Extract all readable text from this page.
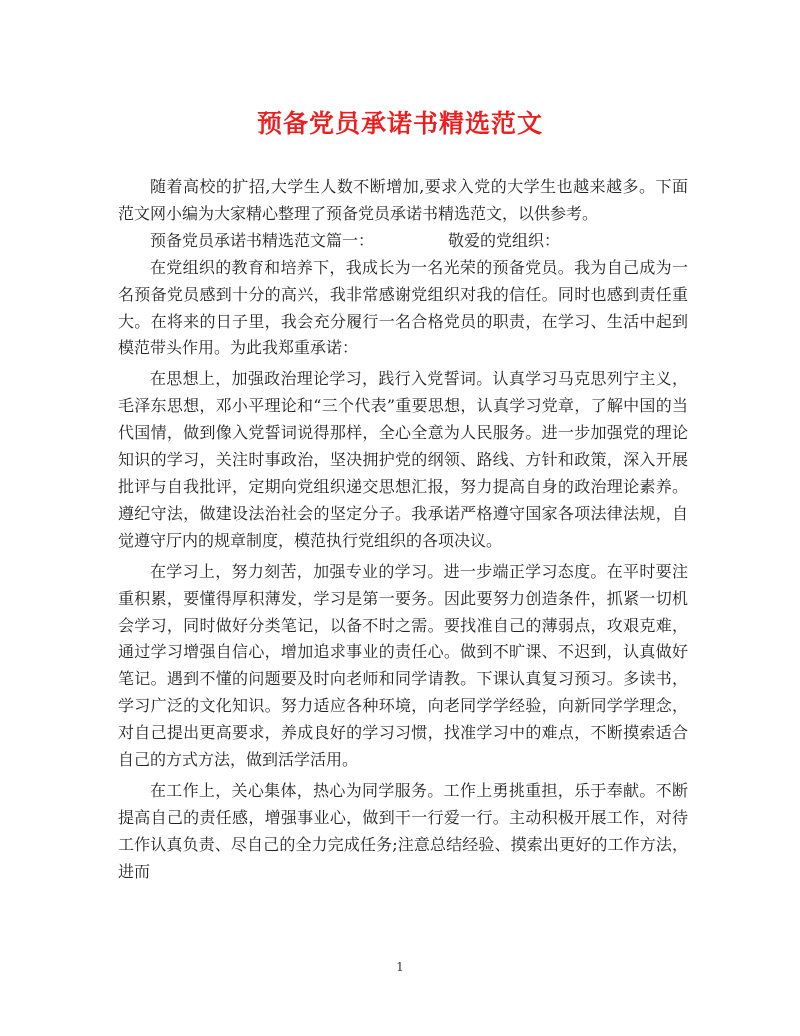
预备党员承诺书精选范文

随着高校的扩招,大学生人数不断增加,要求入党的大学生也越来越多。下面范文网小编为大家精心整理了预备党员承诺书精选范文，以供参考。

预备党员承诺书精选范文篇一：	敬爱的党组织：

在党组织的教育和培养下，我成长为一名光荣的预备党员。我为自己成为一名预备党员感到十分的高兴，我非常感谢党组织对我的信任。同时也感到责任重大。在将来的日子里，我会充分履行一名合格党员的职责，在学习、生活中起到模范带头作用。为此我郑重承诺：

在思想上，加强政治理论学习，践行入党誓词。认真学习马克思列宁主义，毛泽东思想，邓小平理论和“三个代表”重要思想，认真学习党章，了解中国的当代国情，做到像入党誓词说得那样，全心全意为人民服务。进一步加强党的理论知识的学习，关注时事政治，坚决拥护党的纲领、路线、方针和政策，深入开展批评与自我批评，定期向党组织递交思想汇报，努力提高自身的政治理论素养。遵纪守法，做建设法治社会的坚定分子。我承诺严格遵守国家各项法律法规，自觉遵守厅内的规章制度，模范执行党组织的各项决议。

在学习上，努力刻苦，加强专业的学习。进一步端正学习态度。在平时要注重积累，要懂得厚积薄发，学习是第一要务。因此要努力创造条件，抓紧一切机会学习，同时做好分类笔记，以备不时之需。要找准自己的薄弱点，攻艰克难，通过学习增强自信心，增加追求事业的责任心。做到不旷课、不迟到，认真做好笔记。遇到不懂的问题要及时向老师和同学请教。下课认真复习预习。多读书，学习广泛的文化知识。努力适应各种环境，向老同学学经验，向新同学学理念，对自己提出更高要求，养成良好的学习习惯，找准学习中的难点，不断摸索适合自己的方式方法，做到活学活用。

在工作上，关心集体，热心为同学服务。工作上勇挑重担，乐于奉献。不断提高自己的责任感，增强事业心，做到干一行爱一行。主动积极开展工作，对待工作认真负责、尽自己的全力完成任务;注意总结经验、摸索出更好的工作方法，进而

1
